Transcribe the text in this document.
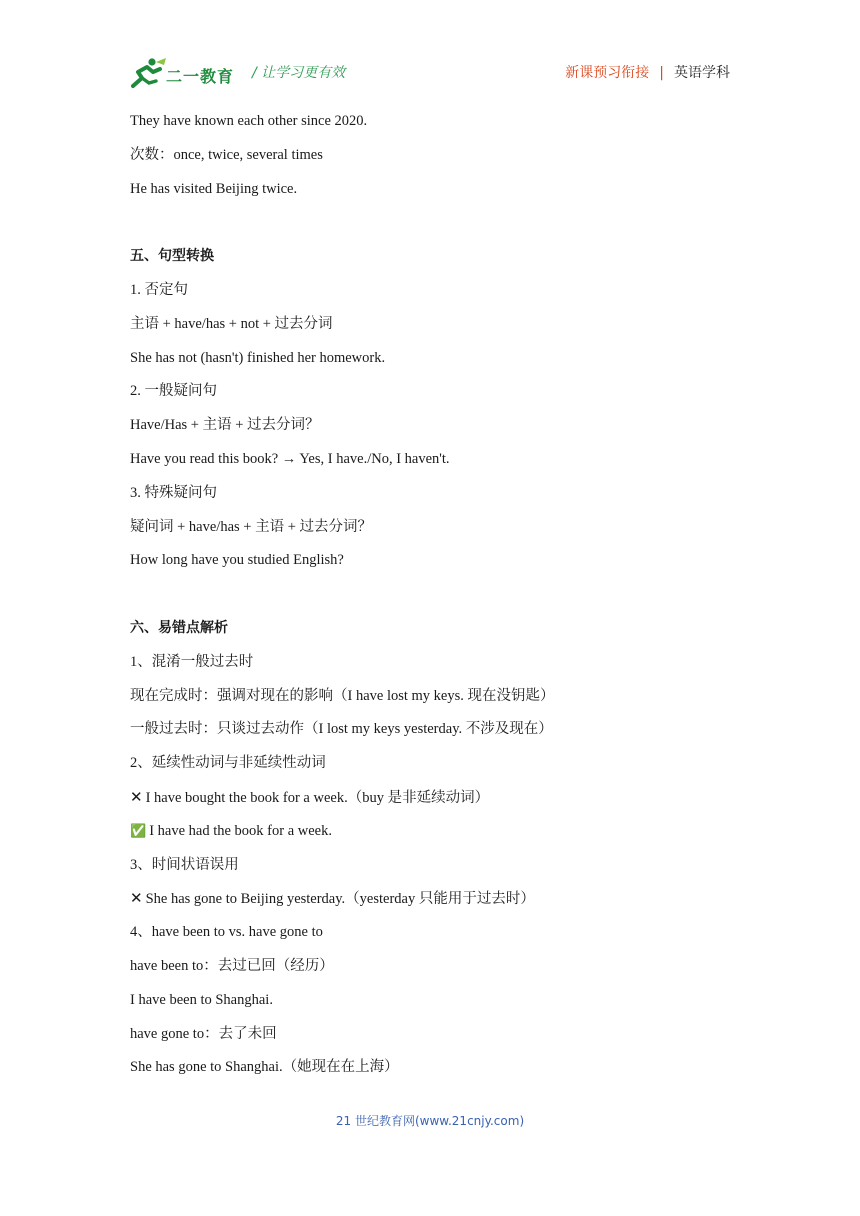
二一教育 / 让学习更有效	新课预习衔接 | 英语学科
They have known each other since 2020.
次数：once, twice, several times
He has visited Beijing twice.
五、句型转换
1. 否定句
主语 + have/has + not + 过去分词
She has not (hasn't) finished her homework.
2. 一般疑问句
Have/Has + 主语 + 过去分词？
Have you read this book? → Yes, I have./No, I haven't.
3. 特殊疑问句
疑问词 + have/has + 主语 + 过去分词？
How long have you studied English?
六、易错点解析
1、混淆一般过去时
现在完成时：强调对现在的影响（I have lost my keys. 现在没钥匙）
一般过去时：只谈过去动作（I lost my keys yesterday. 不涉及现在）
2、延续性动词与非延续性动词
✕ I have bought the book for a week.（buy 是非延续动词）
✅ I have had the book for a week.
3、时间状语误用
✕ She has gone to Beijing yesterday.（yesterday 只能用于过去时）
4、have been to vs. have gone to
have been to：去过已回（经历）
I have been to Shanghai.
have gone to：去了未回
She has gone to Shanghai.（她现在在上海）
21 世纪教育网(www.21cnjy.com)
